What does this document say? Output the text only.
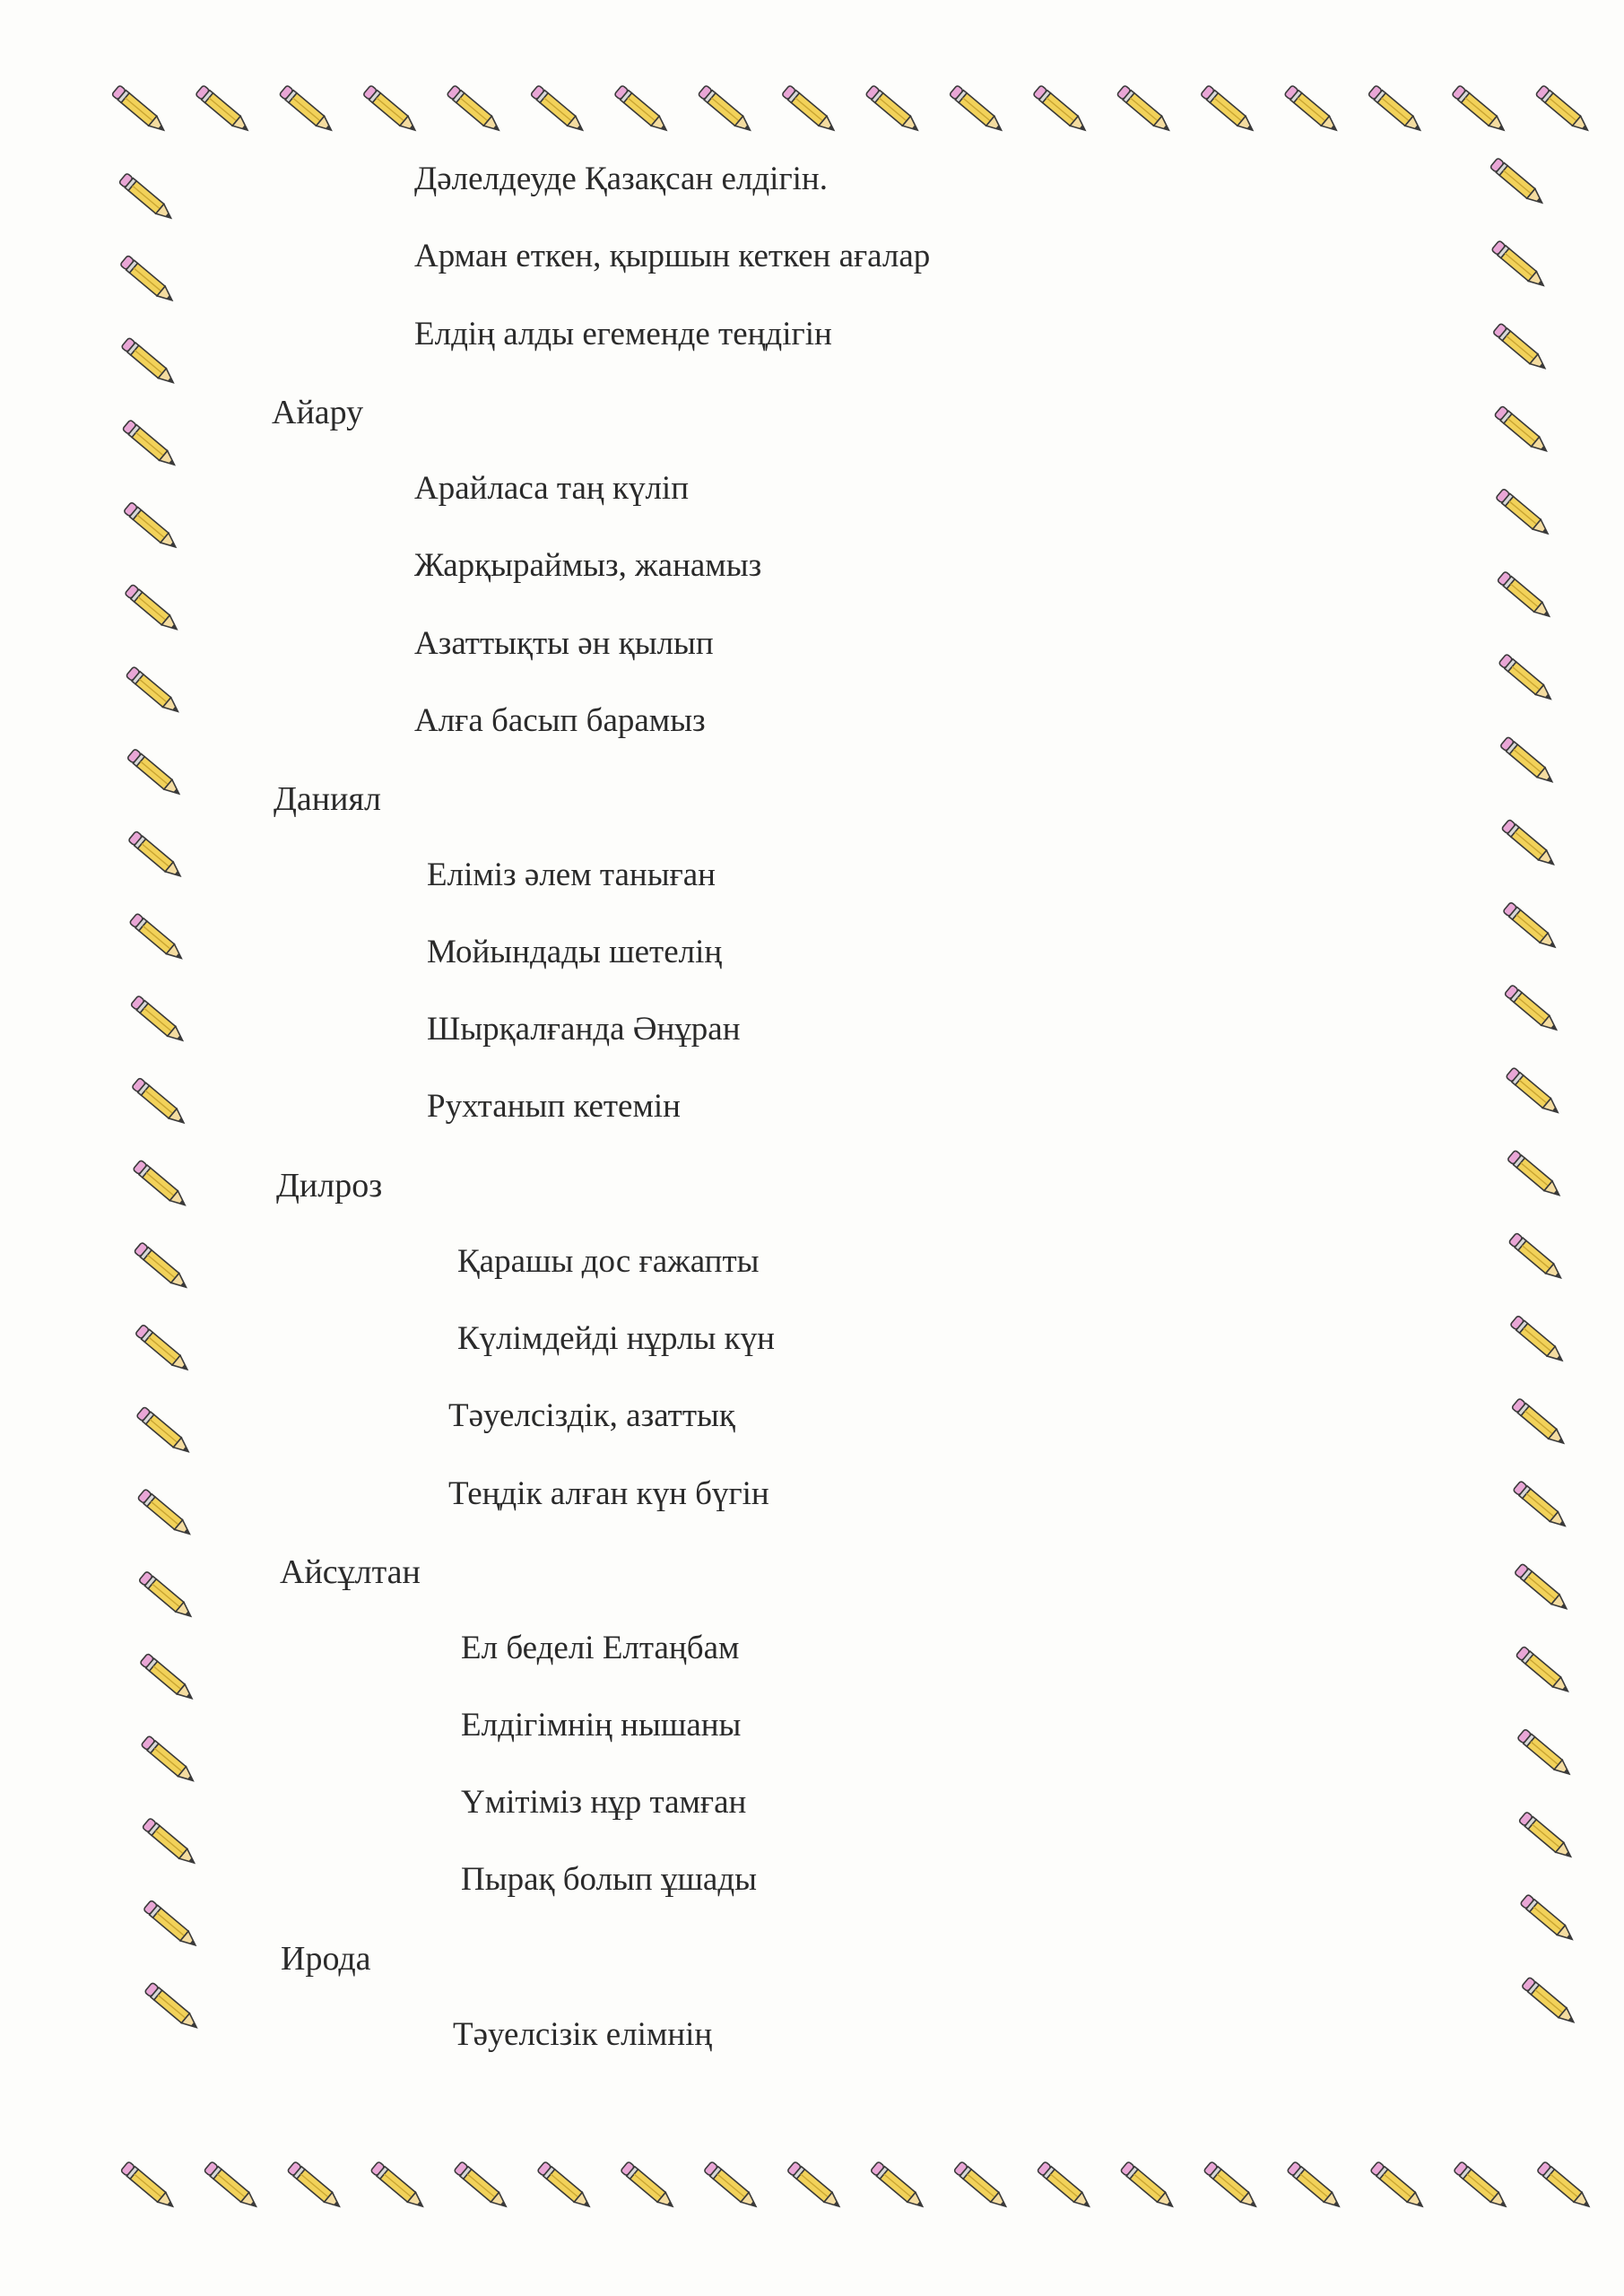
Дәлелдеуде Қазақсан елдігін.
Арман еткен, қыршын кеткен ағалар
Елдің алды егеменде теңдігін
Айару
Арайласа таң күліп
Жарқыраймыз, жанамыз
Азаттықты ән қылып
Алға басып барамыз
Даниял
Еліміз әлем таныған
Мойындады шетелің
Шырқалғанда Әнұран
Рухтанып кетемін
Дилроз
Қарашы дос ғажапты
Күлімдейді нұрлы күн
Тәуелсіздік, азаттық
Теңдік алған күн бүгін
Айсұлтан
Ел беделі Елтаңбам
Елдігімнің нышаны
Үмітіміз нұр тамған
Пырақ болып ұшады
Ирода
Тәуелсізік елімнің
